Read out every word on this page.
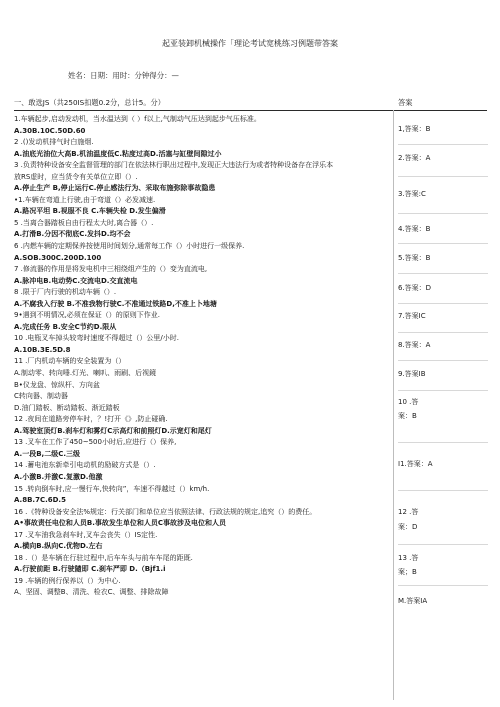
起亚装卸机械操作「理论考试宽桃练习例题带答案
姓名：日期：用时：分钟得分：—
一、敢选JS（共250IS扣题0.2分，总计5。分）	答案
1.车辆起步,启动发动机，当水温达到（ ）f以上,气制动气压达到起步气压标准。
A.30B.10C.50D.60
2 .()发动机排气时白施烟.
A.油底光油位大高B.机油温度低C.粘度过高D.活塞与缸壁间隙过小
3 .负责特种设备安全监督管理的部门在依法林行职出过程中,发现正大违法行为或者特种设备存在浮乐本
放RS虚时，应当货令有关单位立即（）.
A.停止生产 B,停止运行C.停止感法行为、采取布施弥除事故隐患
•1.车辆在弯道上行驶,由于弯道（）必发减速.
A.路况平坦 B.视服不良 C.车辆失检 D.发生偏滑
5 .当离合器踏板自由行程太大时,离合器（）.
A.打滑B.分因不彻底C.发抖D.均不会
6 .内燃车辆的定期保养按使用时间划分,通常每工作（）小时进行一级保养.
A.SOB.300C.200D.100
7 .修流器的作用是将发电机中三相绕组产生的（）变为直流电,
A.脉冲电B.电动势C.交流电D.交直流电
8 .限于厂内行驶的机动车辆（）.
A.不腐我入行驶 B.不准我物行驶C.不准通过铁路D,不准上卜地塘
9•遇到不明情况,必须在保证（）的原则下作业.
A.完成任务 B.安全C节约D.限从
10 .电瓶叉车掉头较弯时速度不得超过（）公里/小时.
A.10B.3E.5D.8
11 .厂内机动车辆的安全装置为（）
A.制动零、转向唾.灯光、喇叭、雨刷、后视鏡
B•仪龙盘、惊纵杆、方向盆
C转向器、制动器
D.油门踏板、断动踏板、渐近踏板
12 .夜间在道路旁停车时，？!打开《》,防止碰确.
A.驾驶室顶灯B.刹车灯和雾灯C示高灯和前照灯D.示宽灯和尾灯
13 .叉车在工作了450~500小时后,应进行（）保养,
A.一段B,二级C.三级
14 .蓄电池东新牵引电动机的励破方式是（）.
A.小激B.并激C.复激D.他激
15 .转向倒车时,应一慢行车,快转向”，车速不得越过（）km/h.
A.8B.7C.6D.5
16 .《特种设备安全法%规定：行关部门和单位应当依照法律、行政法规的规定,追究（）的费任。
A•事故责任电位和人员B.事故发生单位和人员C事故涉及电位和人员
17 .叉车油我急刹车时,叉车会丧失（）IS定性.
A.横向B.纵向C.优物D.左右
18 .（）是车辆在行驻过程中,后车车头与前车车尾的距既.
A.行驶前距 B.行驶隨即 C.刹车严即 D.（Bjf1.i
19 .车辆的例行保养以（）为中心.
A、坚固、调整B、清洗、检衣C、调整、排除故障
1,答案：B
2.答案：A
3.答案:C
4.答案：B
5.答案：B
6.答案：D
7.答案IC
8.答案：A
9.答案IB
10 .答
案：B
I1.答案：A
12 .答
案：D
13 .答
案；B
M.答案IA
